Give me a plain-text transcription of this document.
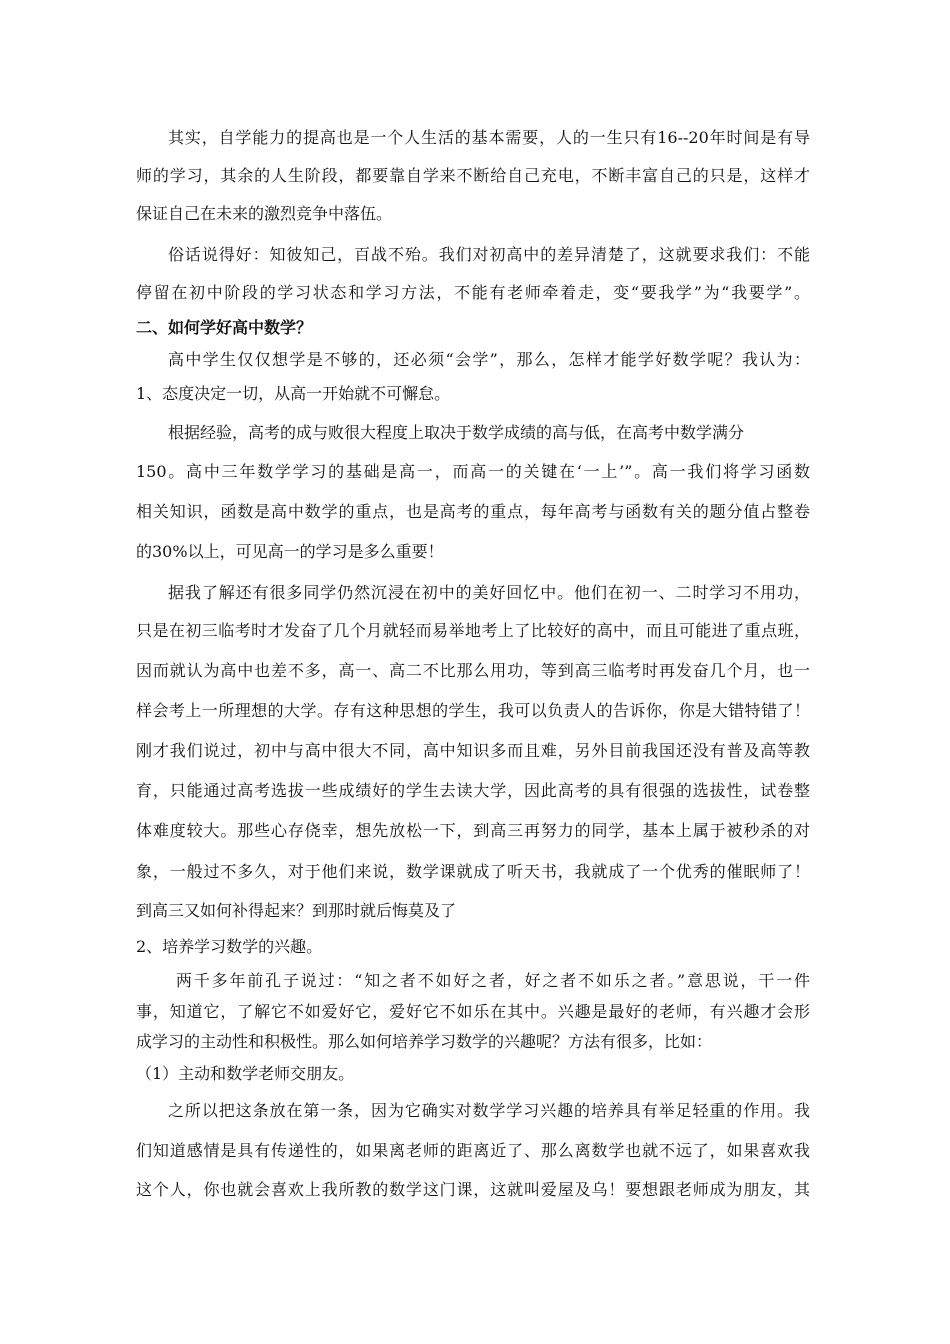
其实，自学能力的提高也是一个人生活的基本需要，人的一生只有16--20年时间是有导
师的学习，其余的人生阶段，都要靠自学来不断给自己充电，不断丰富自己的只是，这样才
保证自己在未来的激烈竞争中落伍。
俗话说得好：知彼知己，百战不殆。我们对初高中的差异清楚了，这就要求我们：不能
停留在初中阶段的学习状态和学习方法，不能有老师牵着走，变“要我学”为“我要学”。
二、如何学好高中数学？
高中学生仅仅想学是不够的，还必须“会学”，那么，怎样才能学好数学呢？我认为：
1、态度决定一切，从高一开始就不可懈怠。
根据经验，高考的成与败很大程度上取决于数学成绩的高与低，在高考中数学满分
150。高中三年数学学习的基础是高一，而高一的关键在‘一上’”。高一我们将学习函数
相关知识，函数是高中数学的重点，也是高考的重点，每年高考与函数有关的题分值占整卷
的30%以上，可见高一的学习是多么重要！
据我了解还有很多同学仍然沉浸在初中的美好回忆中。他们在初一、二时学习不用功，
只是在初三临考时才发奋了几个月就轻而易举地考上了比较好的高中，而且可能进了重点班，
因而就认为高中也差不多，高一、高二不比那么用功，等到高三临考时再发奋几个月，也一
样会考上一所理想的大学。存有这种思想的学生，我可以负责人的告诉你，你是大错特错了！
刚才我们说过，初中与高中很大不同，高中知识多而且难，另外目前我国还没有普及高等教
育，只能通过高考选拔一些成绩好的学生去读大学，因此高考的具有很强的选拔性，试卷整
体难度较大。那些心存侥幸，想先放松一下，到高三再努力的同学，基本上属于被秒杀的对
象，一般过不多久，对于他们来说，数学课就成了听天书，我就成了一个优秀的催眠师了！
到高三又如何补得起来？到那时就后悔莫及了
2、培养学习数学的兴趣。
两千多年前孔子说过：“知之者不如好之者，好之者不如乐之者。”意思说，干一件
事，知道它，了解它不如爱好它，爱好它不如乐在其中。兴趣是最好的老师，有兴趣才会形
成学习的主动性和积极性。那么如何培养学习数学的兴趣呢？方法有很多，比如：
（1）主动和数学老师交朋友。
之所以把这条放在第一条，因为它确实对数学学习兴趣的培养具有举足轻重的作用。我
们知道感情是具有传递性的，如果离老师的距离近了、那么离数学也就不远了，如果喜欢我
这个人，你也就会喜欢上我所教的数学这门课，这就叫爱屋及乌！要想跟老师成为朋友，其
